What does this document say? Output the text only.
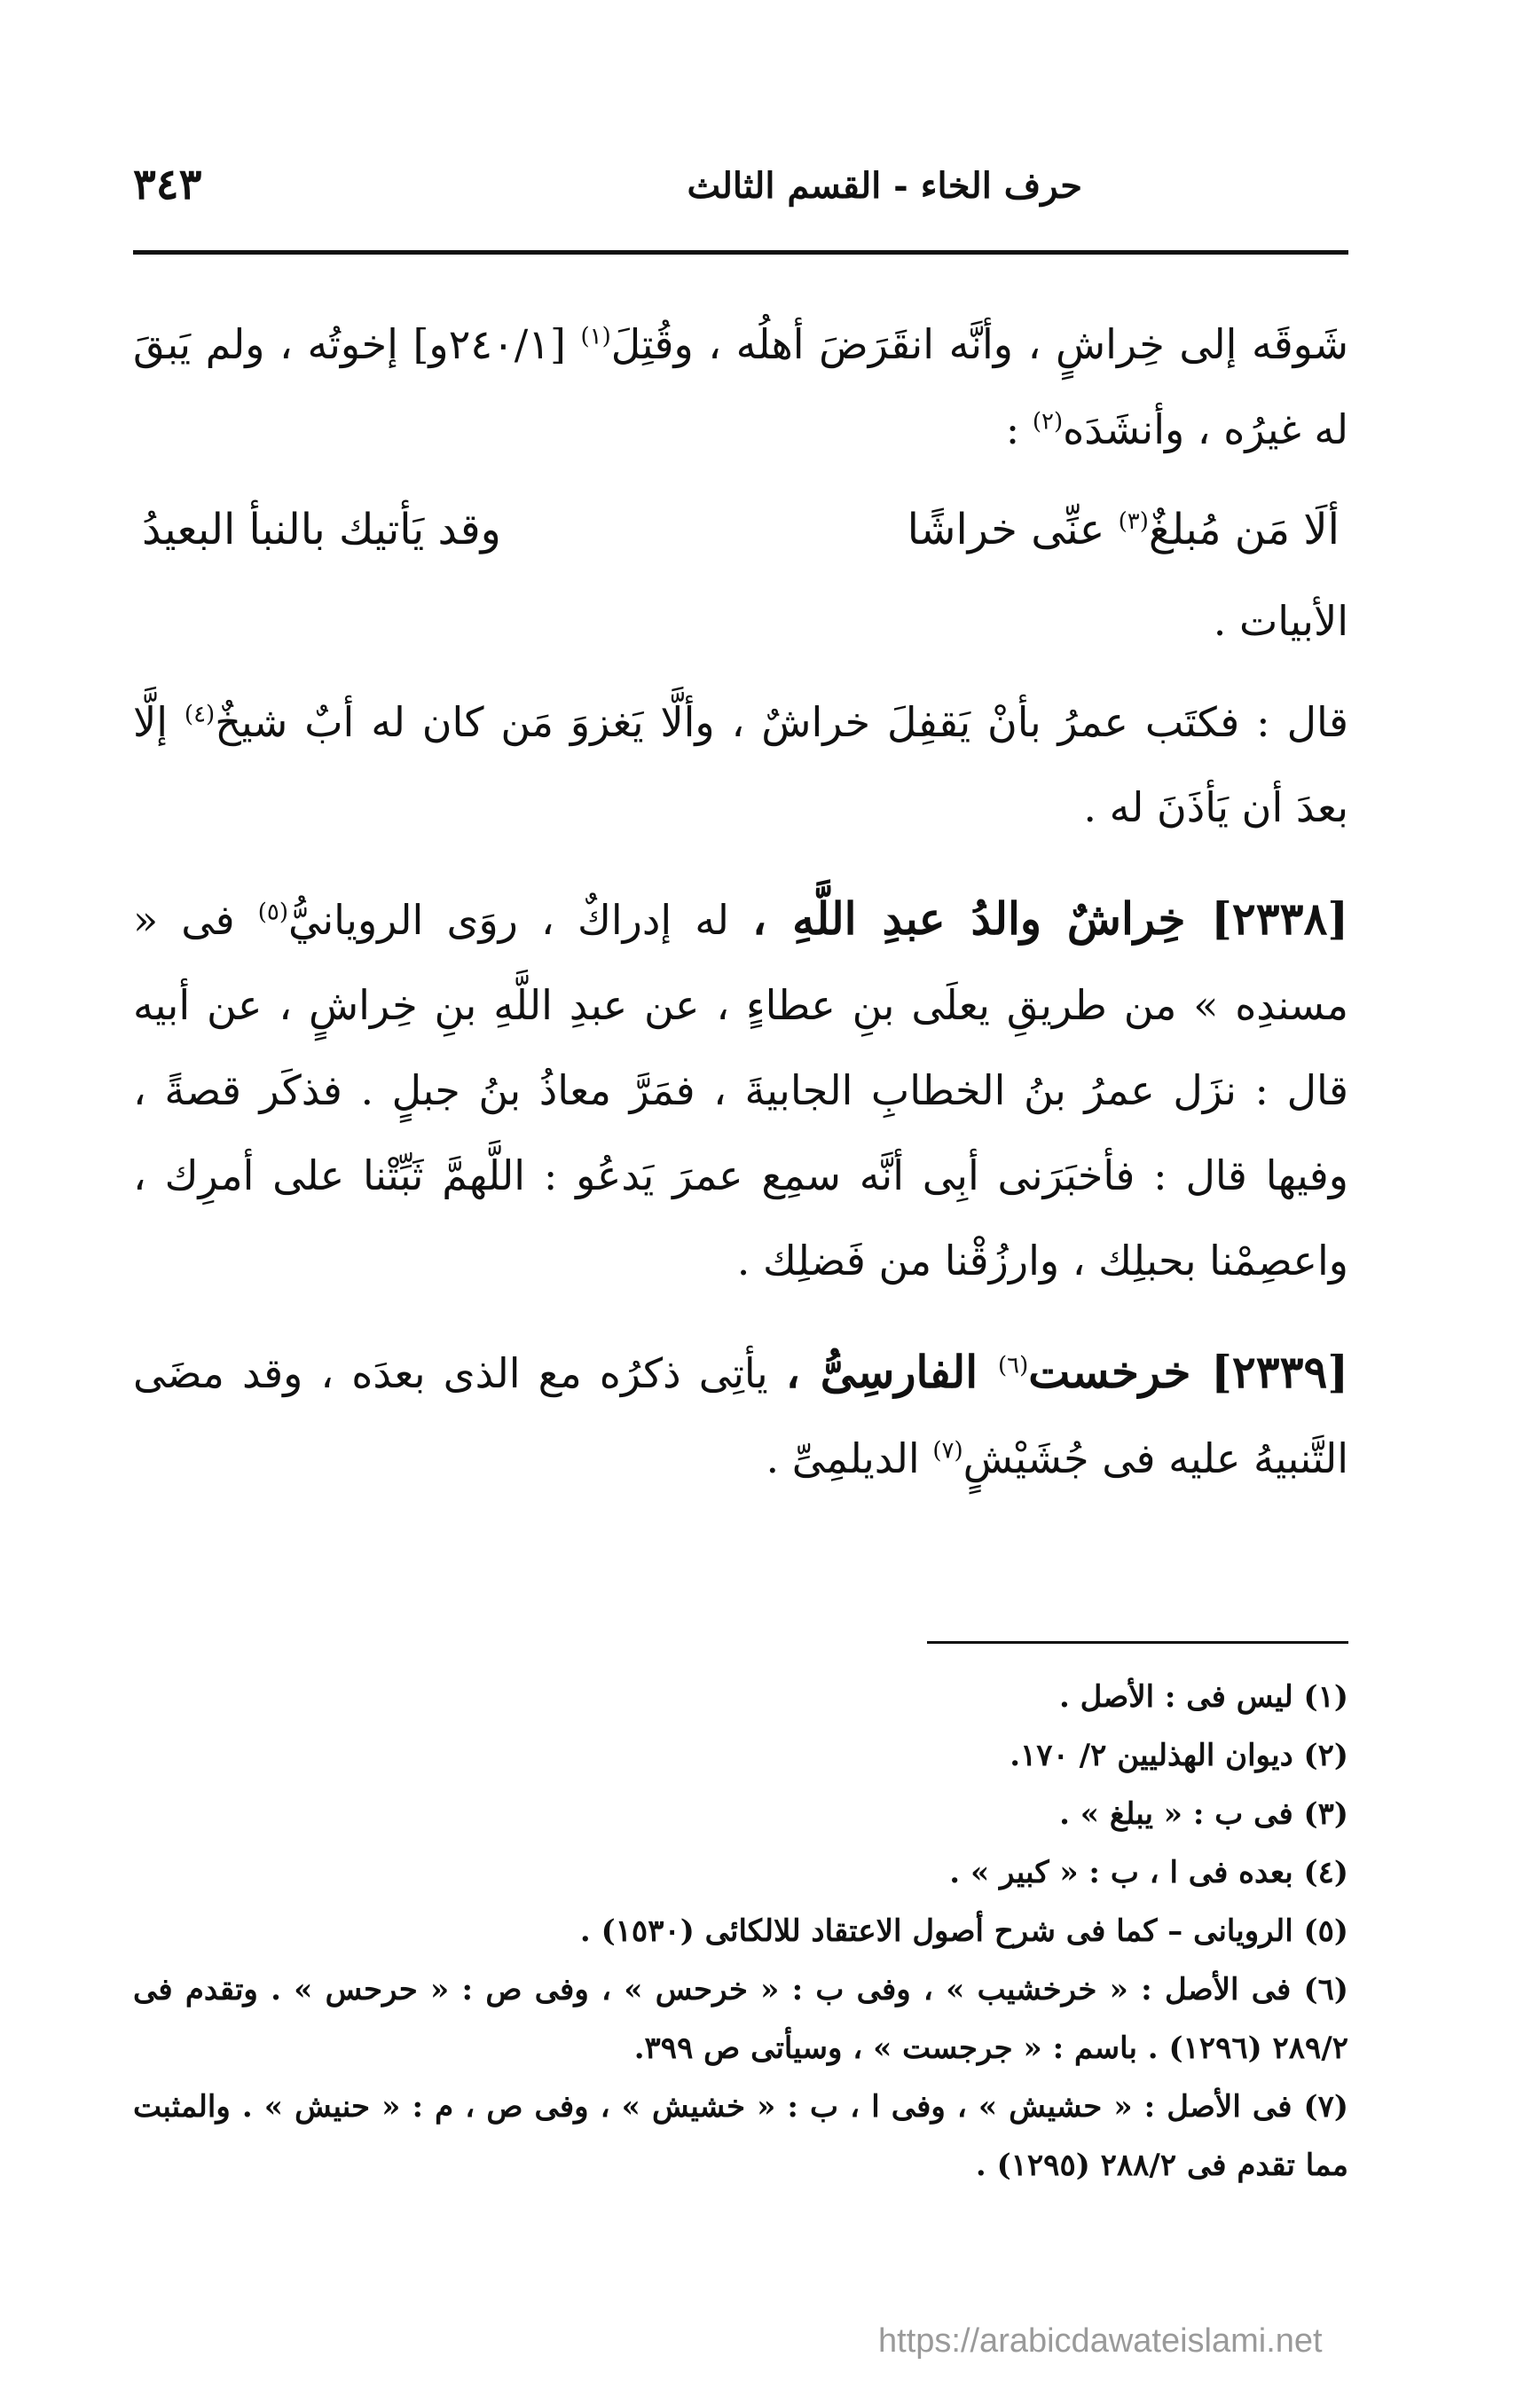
٣٤٣	حرف الخاء - القسم الثالث

شَوقَه إلى خِراشٍ ، وأنَّه انقَرَضَ أهلُه ، وقُتِلَ$^{(١)}$ [٢٤٠/١و] إخوتُه ، ولم يَبقَ له غيرُه ، وأنشَدَه$^{(٢)}$ :

ألَا مَن مُبلغٌ$^{(٣)}$ عنِّى خراشًا
وقد يَأتيك بالنبأ البعيدُ

الأبيات .

قال : فكتَب عمرُ بأنْ يَقفِلَ خراشٌ ، وألَّا يَغزوَ مَن كان له أبٌ شيخٌ$^{(٤)}$ إلَّا بعدَ أن يَأذَنَ له .

[٢٣٣٨] خِراشٌ والدُ عبدِ اللَّهِ ، له إدراكٌ ، روَى الرويانيُّ$^{(٥)}$ فى « مسندِه » من طريقِ يعلَى بنِ عطاءٍ ، عن عبدِ اللَّهِ بنِ خِراشٍ ، عن أبيه قال : نزَل عمرُ بنُ الخطابِ الجابيةَ ، فمَرَّ معاذُ بنُ جبلٍ . فذكَر قصةً ، وفيها قال : فأخبَرَنى أبِى أنَّه سمِع عمرَ يَدعُو : اللَّهمَّ ثَبِّتْنا على أمرِك ، واعصِمْنا بحبلِك ، وارزُقْنا من فَضلِك .

[٢٣٣٩] خرخست$^{(٦)}$ الفارسِىُّ ، يأتِى ذكرُه مع الذى بعدَه ، وقد مضَى التَّنبيهُ عليه فى جُشَيْشٍ$^{(٧)}$ الديلمِىِّ .

(١) ليس فى : الأصل .

(٢) ديوان الهذليين ٢/ ١٧٠.

(٣) فى ب : « يبلغ » .

(٤) بعده فى ا ، ب : « كبير » .

(٥) الرويانى – كما فى شرح أصول الاعتقاد للالكائى (١٥٣٠) .

(٦) فى الأصل : « خرخشيب » ، وفى ب : « خرحس » ، وفى ص : « حرحس » . وتقدم فى ٢٨٩/٢ (١٢٩٦) . باسم : « جرجست » ، وسيأتى ص ٣٩٩.

(٧) فى الأصل : « حشيش » ، وفى ا ، ب : « خشيش » ، وفى ص ، م : « حنيش » . والمثبت مما تقدم فى ٢٨٨/٢ (١٢٩٥) .

https://arabicdawateislami.net
